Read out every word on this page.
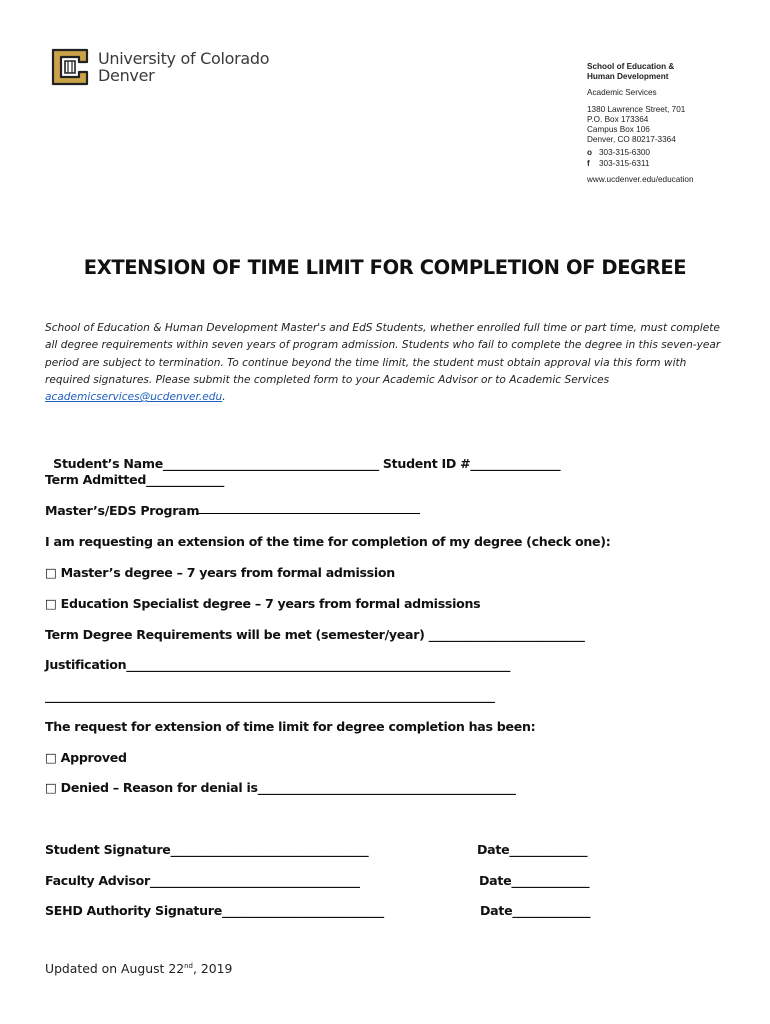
University of Colorado
Denver	School of Education &
Human Development
Academic Services
1380 Lawrence Street, 701
P.O. Box 173364
Campus Box 106
Denver, CO 80217-3364
o 303-315-6300
f	303-315-6311
www.ucdenver.edu/education
EXTENSION OF TIME LIMIT FOR COMPLETION OF DEGREE
School of Education & Human Development Master's and EdS Students, whether enrolled full time or part time, must complete all degree requirements within seven years of program admission. Students who fail to complete the degree in this seven-year period are subject to termination. To continue beyond the time limit, the student must obtain approval via this form with required signatures. Please submit the completed form to your Academic Advisor or to Academic Services academicservices@ucdenver.edu.

Student’s Name____________________________________ Student ID #_______________

Term Admitted_____________
Master’s/EDS Program
I am requesting an extension of the time for completion of my degree (check one):
□ Master’s degree – 7 years from formal admission
□ Education Specialist degree – 7 years from formal admissions
Term Degree Requirements will be met (semester/year) __________________________
Justification________________________________________________________________
___________________________________________________________________________
The request for extension of time limit for degree completion has been:
□ Approved
□ Denied – Reason for denial is___________________________________________
Student Signature_________________________________	Date_____________
Faculty Advisor___________________________________	Date_____________
SEHD Authority Signature___________________________	Date_____________
Updated on August 22nd, 2019
